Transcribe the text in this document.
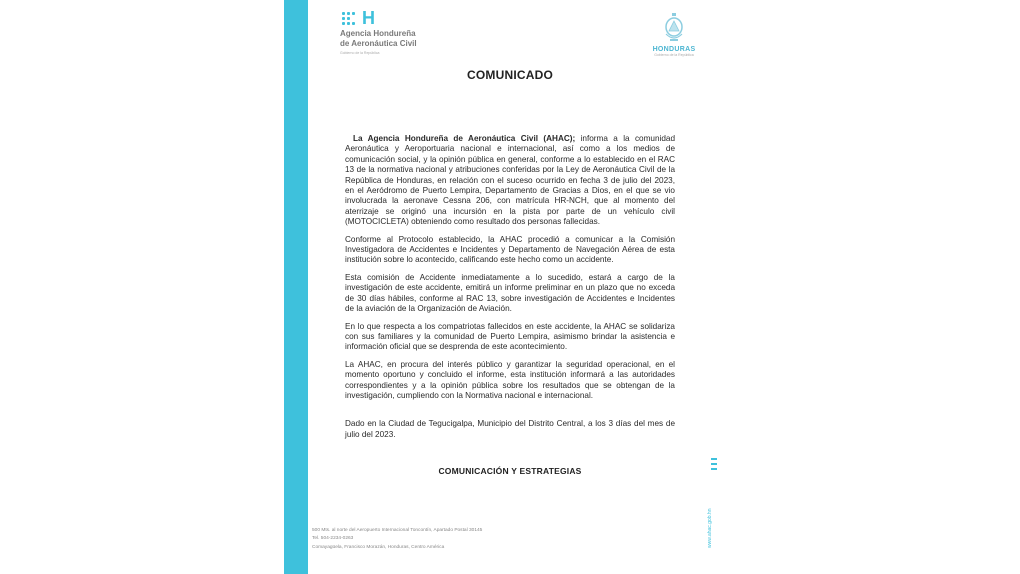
H
Agencia Hondureña
de Aeronáutica Civil
Gobierno de la República	HONDURAS
Gobierno de la República
COMUNICADO

La Agencia Hondureña de Aeronáutica Civil (AHAC); informa a la comunidad Aeronáutica y Aeroportuaria nacional e internacional, así como a los medios de comunicación social, y la opinión pública en general, conforme a lo establecido en el RAC 13 de la normativa nacional y atribuciones conferidas por la Ley de Aeronáutica Civil de la República de Honduras, en relación con el suceso ocurrido en fecha 3 de julio del 2023, en el Aeródromo de Puerto Lempira, Departamento de Gracias a Dios, en el que se vio involucrada la aeronave Cessna 206, con matrícula HR-NCH, que al momento del aterrizaje se originó una incursión en la pista por parte de un vehículo civil (MOTOCICLETA) obteniendo como resultado dos personas fallecidas.

Conforme al Protocolo establecido, la AHAC procedió a comunicar a la Comisión Investigadora de Accidentes e Incidentes y Departamento de Navegación Aérea de esta institución sobre lo acontecido, calificando este hecho como un accidente.

Esta comisión de Accidente inmediatamente a lo sucedido, estará a cargo de la investigación de este accidente, emitirá un informe preliminar en un plazo que no exceda de 30 días hábiles, conforme al RAC 13, sobre investigación de Accidentes e Incidentes de la aviación de la Organización de Aviación.

En lo que respecta a los compatriotas fallecidos en este accidente, la AHAC se solidariza con sus familiares y la comunidad de Puerto Lempira, asimismo brindar la asistencia e información oficial que se desprenda de este acontecimiento.

La AHAC, en procura del interés público y garantizar la seguridad operacional, en el momento oportuno y concluido el informe, esta institución informará a las autoridades correspondientes y a la opinión pública sobre los resultados que se obtengan de la investigación, cumpliendo con la Normativa nacional e internacional.

Dado en la Ciudad de Tegucigalpa, Municipio del Distrito Central, a los 3 días del mes de julio del 2023.

COMUNICACIÓN Y ESTRATEGIAS
500 Mts. al norte del Aeropuerto Internacional Toncontín, Apartado Postal 30145
Tel. 504-2234-0263
Comayagüela, Francisco Morazán, Honduras, Centro América	www.ahac.gob.hn
